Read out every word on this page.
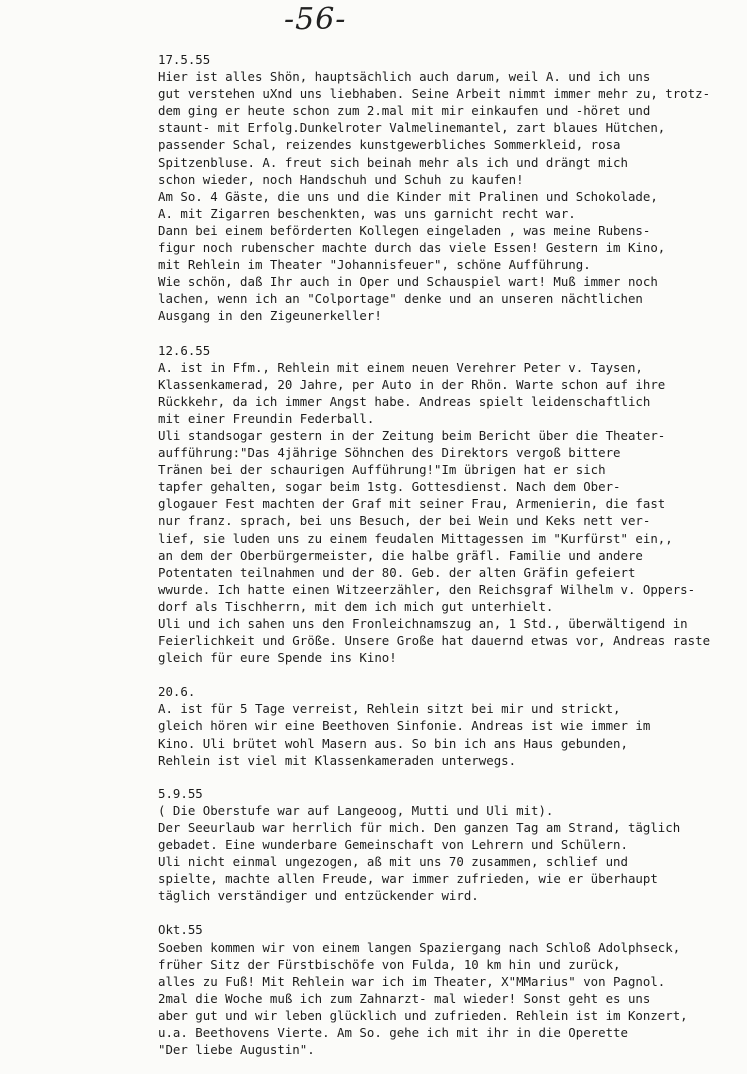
-56-
17.5.55
Hier ist alles Shön, hauptsächlich auch darum, weil A. und ich uns
gut verstehen uXnd uns liebhaben. Seine Arbeit nimmt immer mehr zu, trotz-
dem ging er heute schon zum 2.mal mit mir einkaufen und -höret und
staunt- mit Erfolg.Dunkelroter Valmelinemantel, zart blaues Hütchen,
passender Schal, reizendes kunstgewerbliches Sommerkleid, rosa
Spitzenbluse. A. freut sich beinah mehr als ich und drängt mich
schon wieder, noch Handschuh und Schuh zu kaufen!
Am So. 4 Gäste, die uns und die Kinder mit Pralinen und Schokolade,
A. mit Zigarren beschenkten, was uns garnicht recht war.
Dann bei einem beförderten Kollegen eingeladen , was meine Rubens-
figur noch rubenscher machte durch das viele Essen! Gestern im Kino,
mit Rehlein im Theater "Johannisfeuer", schöne Aufführung.
Wie schön, daß Ihr auch in Oper und Schauspiel wart! Muß immer noch
lachen, wenn ich an "Colportage" denke und an unseren nächtlichen
Ausgang in den Zigeunerkeller!
12.6.55
A. ist in Ffm., Rehlein mit einem neuen Verehrer Peter v. Taysen,
Klassenkamerad, 20 Jahre, per Auto in der Rhön. Warte schon auf ihre
Rückkehr, da ich immer Angst habe. Andreas spielt leidenschaftlich
mit einer Freundin Federball.
Uli standsogar gestern in der Zeitung beim Bericht über die Theater-
aufführung:"Das 4jährige Söhnchen des Direktors vergoß bittere
Tränen bei der schaurigen Aufführung!"Im übrigen hat er sich
tapfer gehalten, sogar beim 1stg. Gottesdienst. Nach dem Ober-
glogauer Fest machten der Graf mit seiner Frau, Armenierin, die fast
nur franz. sprach, bei uns Besuch, der bei Wein und Keks nett ver-
lief, sie luden uns zu einem feudalen Mittagessen im "Kurfürst" ein,,
an dem der Oberbürgermeister, die halbe gräfl. Familie und andere
Potentaten teilnahmen und der 80. Geb. der alten Gräfin gefeiert
wwurde. Ich hatte einen Witzeerzähler, den Reichsgraf Wilhelm v. Oppers-
dorf als Tischherrn, mit dem ich mich gut unterhielt.
Uli und ich sahen uns den Fronleichnamszug an, 1 Std., überwältigend in
Feierlichkeit und Größe. Unsere Große hat dauernd etwas vor, Andreas raste
gleich für eure Spende ins Kino!
20.6.
A. ist für 5 Tage verreist, Rehlein sitzt bei mir und strickt,
gleich hören wir eine Beethoven Sinfonie. Andreas ist wie immer im
Kino. Uli brütet wohl Masern aus. So bin ich ans Haus gebunden,
Rehlein ist viel mit Klassenkameraden unterwegs.
5.9.55
( Die Oberstufe war auf Langeoog, Mutti und Uli mit).
Der Seeurlaub war herrlich für mich. Den ganzen Tag am Strand, täglich
gebadet. Eine wunderbare Gemeinschaft von Lehrern und Schülern.
Uli nicht einmal ungezogen, aß mit uns 70 zusammen, schlief und
spielte, machte allen Freude, war immer zufrieden, wie er überhaupt
täglich verständiger und entzückender wird.
Okt.55
Soeben kommen wir von einem langen Spaziergang nach Schloß Adolphseck,
früher Sitz der Fürstbischöfe von Fulda, 10 km hin und zurück,
alles zu Fuß! Mit Rehlein war ich im Theater, X"MMarius" von Pagnol.
2mal die Woche muß ich zum Zahnarzt- mal wieder! Sonst geht es uns
aber gut und wir leben glücklich und zufrieden. Rehlein ist im Konzert,
u.a. Beethovens Vierte. Am So. gehe ich mit ihr in die Operette
"Der liebe Augustin".
